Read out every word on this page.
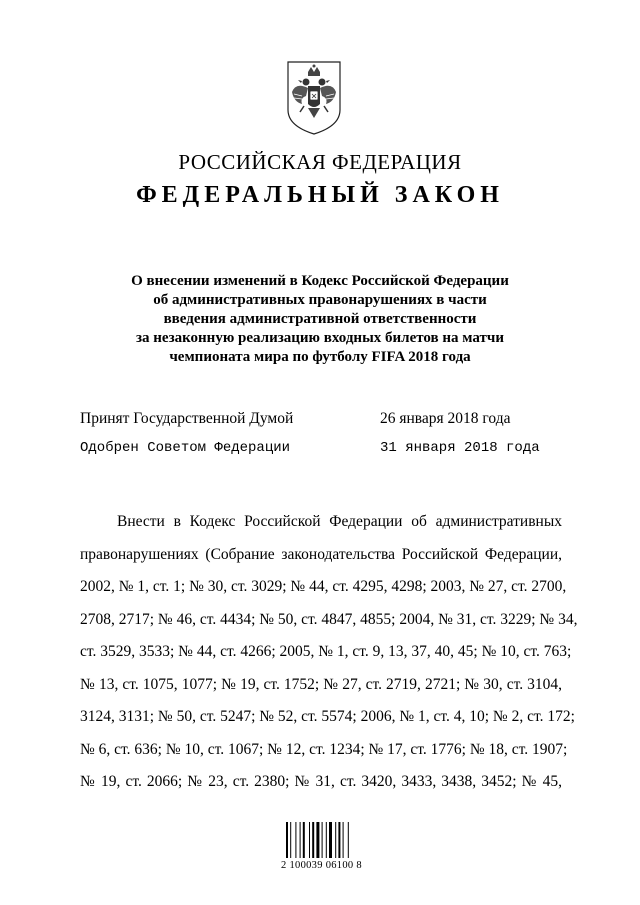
РОССИЙСКАЯ ФЕДЕРАЦИЯ
ФЕДЕРАЛЬНЫЙ ЗАКОН
О внесении изменений в Кодекс Российской Федерации
об административных правонарушениях в части
введения административной ответственности
за незаконную реализацию входных билетов на матчи
чемпионата мира по футболу FIFA 2018 года
Принят Государственной Думой	26 января 2018 года
Одобрен Советом Федерации	31 января 2018 года
Внести в Кодекс Российской Федерации об административных
правонарушениях (Собрание законодательства Российской Федерации,
2002, № 1, ст. 1; № 30, ст. 3029; № 44, ст. 4295, 4298; 2003, № 27, ст. 2700,
2708, 2717; № 46, ст. 4434; № 50, ст. 4847, 4855; 2004, № 31, ст. 3229; № 34,
ст. 3529, 3533; № 44, ст. 4266; 2005, № 1, ст. 9, 13, 37, 40, 45; № 10, ст. 763;
№ 13, ст. 1075, 1077; № 19, ст. 1752; № 27, ст. 2719, 2721; № 30, ст. 3104,
3124, 3131; № 50, ст. 5247; № 52, ст. 5574; 2006, № 1, ст. 4, 10; № 2, ст. 172;
№ 6, ст. 636; № 10, ст. 1067; № 12, ст. 1234; № 17, ст. 1776; № 18, ст. 1907;
№ 19, ст. 2066; № 23, ст. 2380; № 31, ст. 3420, 3433, 3438, 3452; № 45,
2 100039 06100 8
